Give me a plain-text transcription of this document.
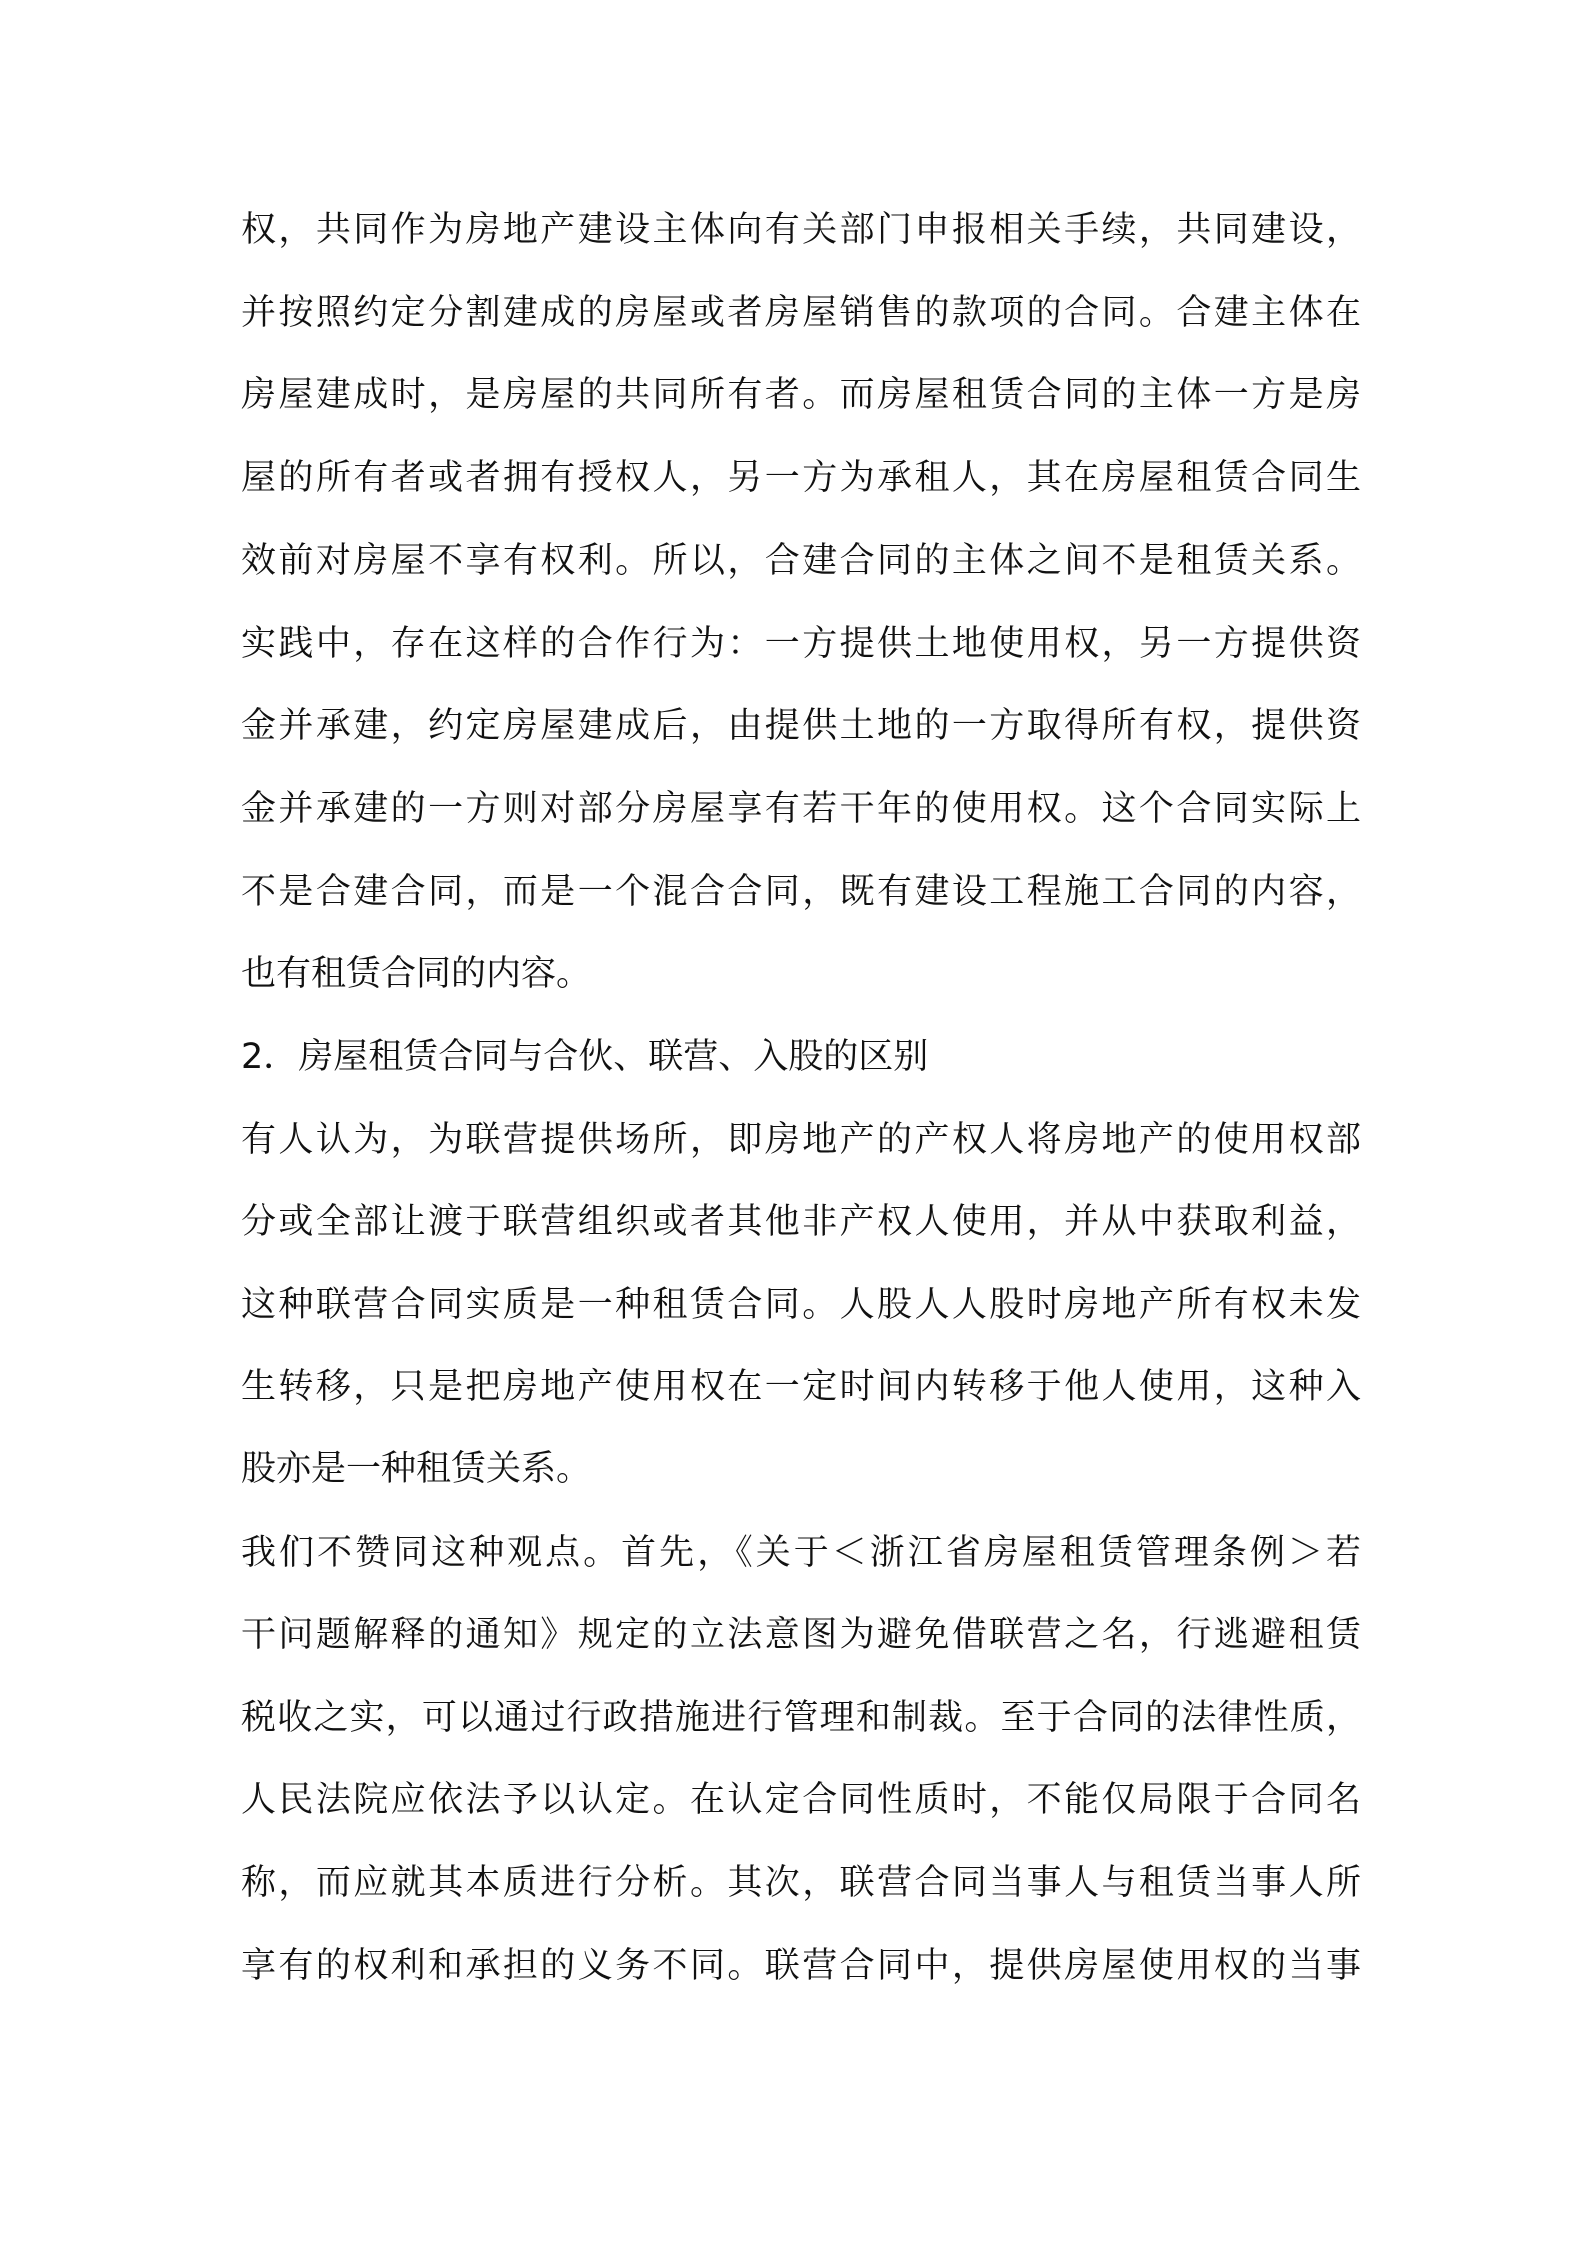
权，共同作为房地产建设主体向有关部门申报相关手续，共同建设，
并按照约定分割建成的房屋或者房屋销售的款项的合同。合建主体在
房屋建成时，是房屋的共同所有者。而房屋租赁合同的主体一方是房
屋的所有者或者拥有授权人，另一方为承租人，其在房屋租赁合同生
效前对房屋不享有权利。所以，合建合同的主体之间不是租赁关系。
实践中，存在这样的合作行为：一方提供土地使用权，另一方提供资
金并承建，约定房屋建成后，由提供土地的一方取得所有权，提供资
金并承建的一方则对部分房屋享有若干年的使用权。这个合同实际上
不是合建合同，而是一个混合合同，既有建设工程施工合同的内容，
也有租赁合同的内容。
2．房屋租赁合同与合伙、联营、入股的区别
有人认为，为联营提供场所，即房地产的产权人将房地产的使用权部
分或全部让渡于联营组织或者其他非产权人使用，并从中获取利益，
这种联营合同实质是一种租赁合同。人股人人股时房地产所有权未发
生转移，只是把房地产使用权在一定时间内转移于他人使用，这种入
股亦是一种租赁关系。
我们不赞同这种观点。首先，《关于＜浙江省房屋租赁管理条例＞若
干问题解释的通知》规定的立法意图为避免借联营之名，行逃避租赁
税收之实，可以通过行政措施进行管理和制裁。至于合同的法律性质，
人民法院应依法予以认定。在认定合同性质时，不能仅局限于合同名
称，而应就其本质进行分析。其次，联营合同当事人与租赁当事人所
享有的权利和承担的义务不同。联营合同中，提供房屋使用权的当事
